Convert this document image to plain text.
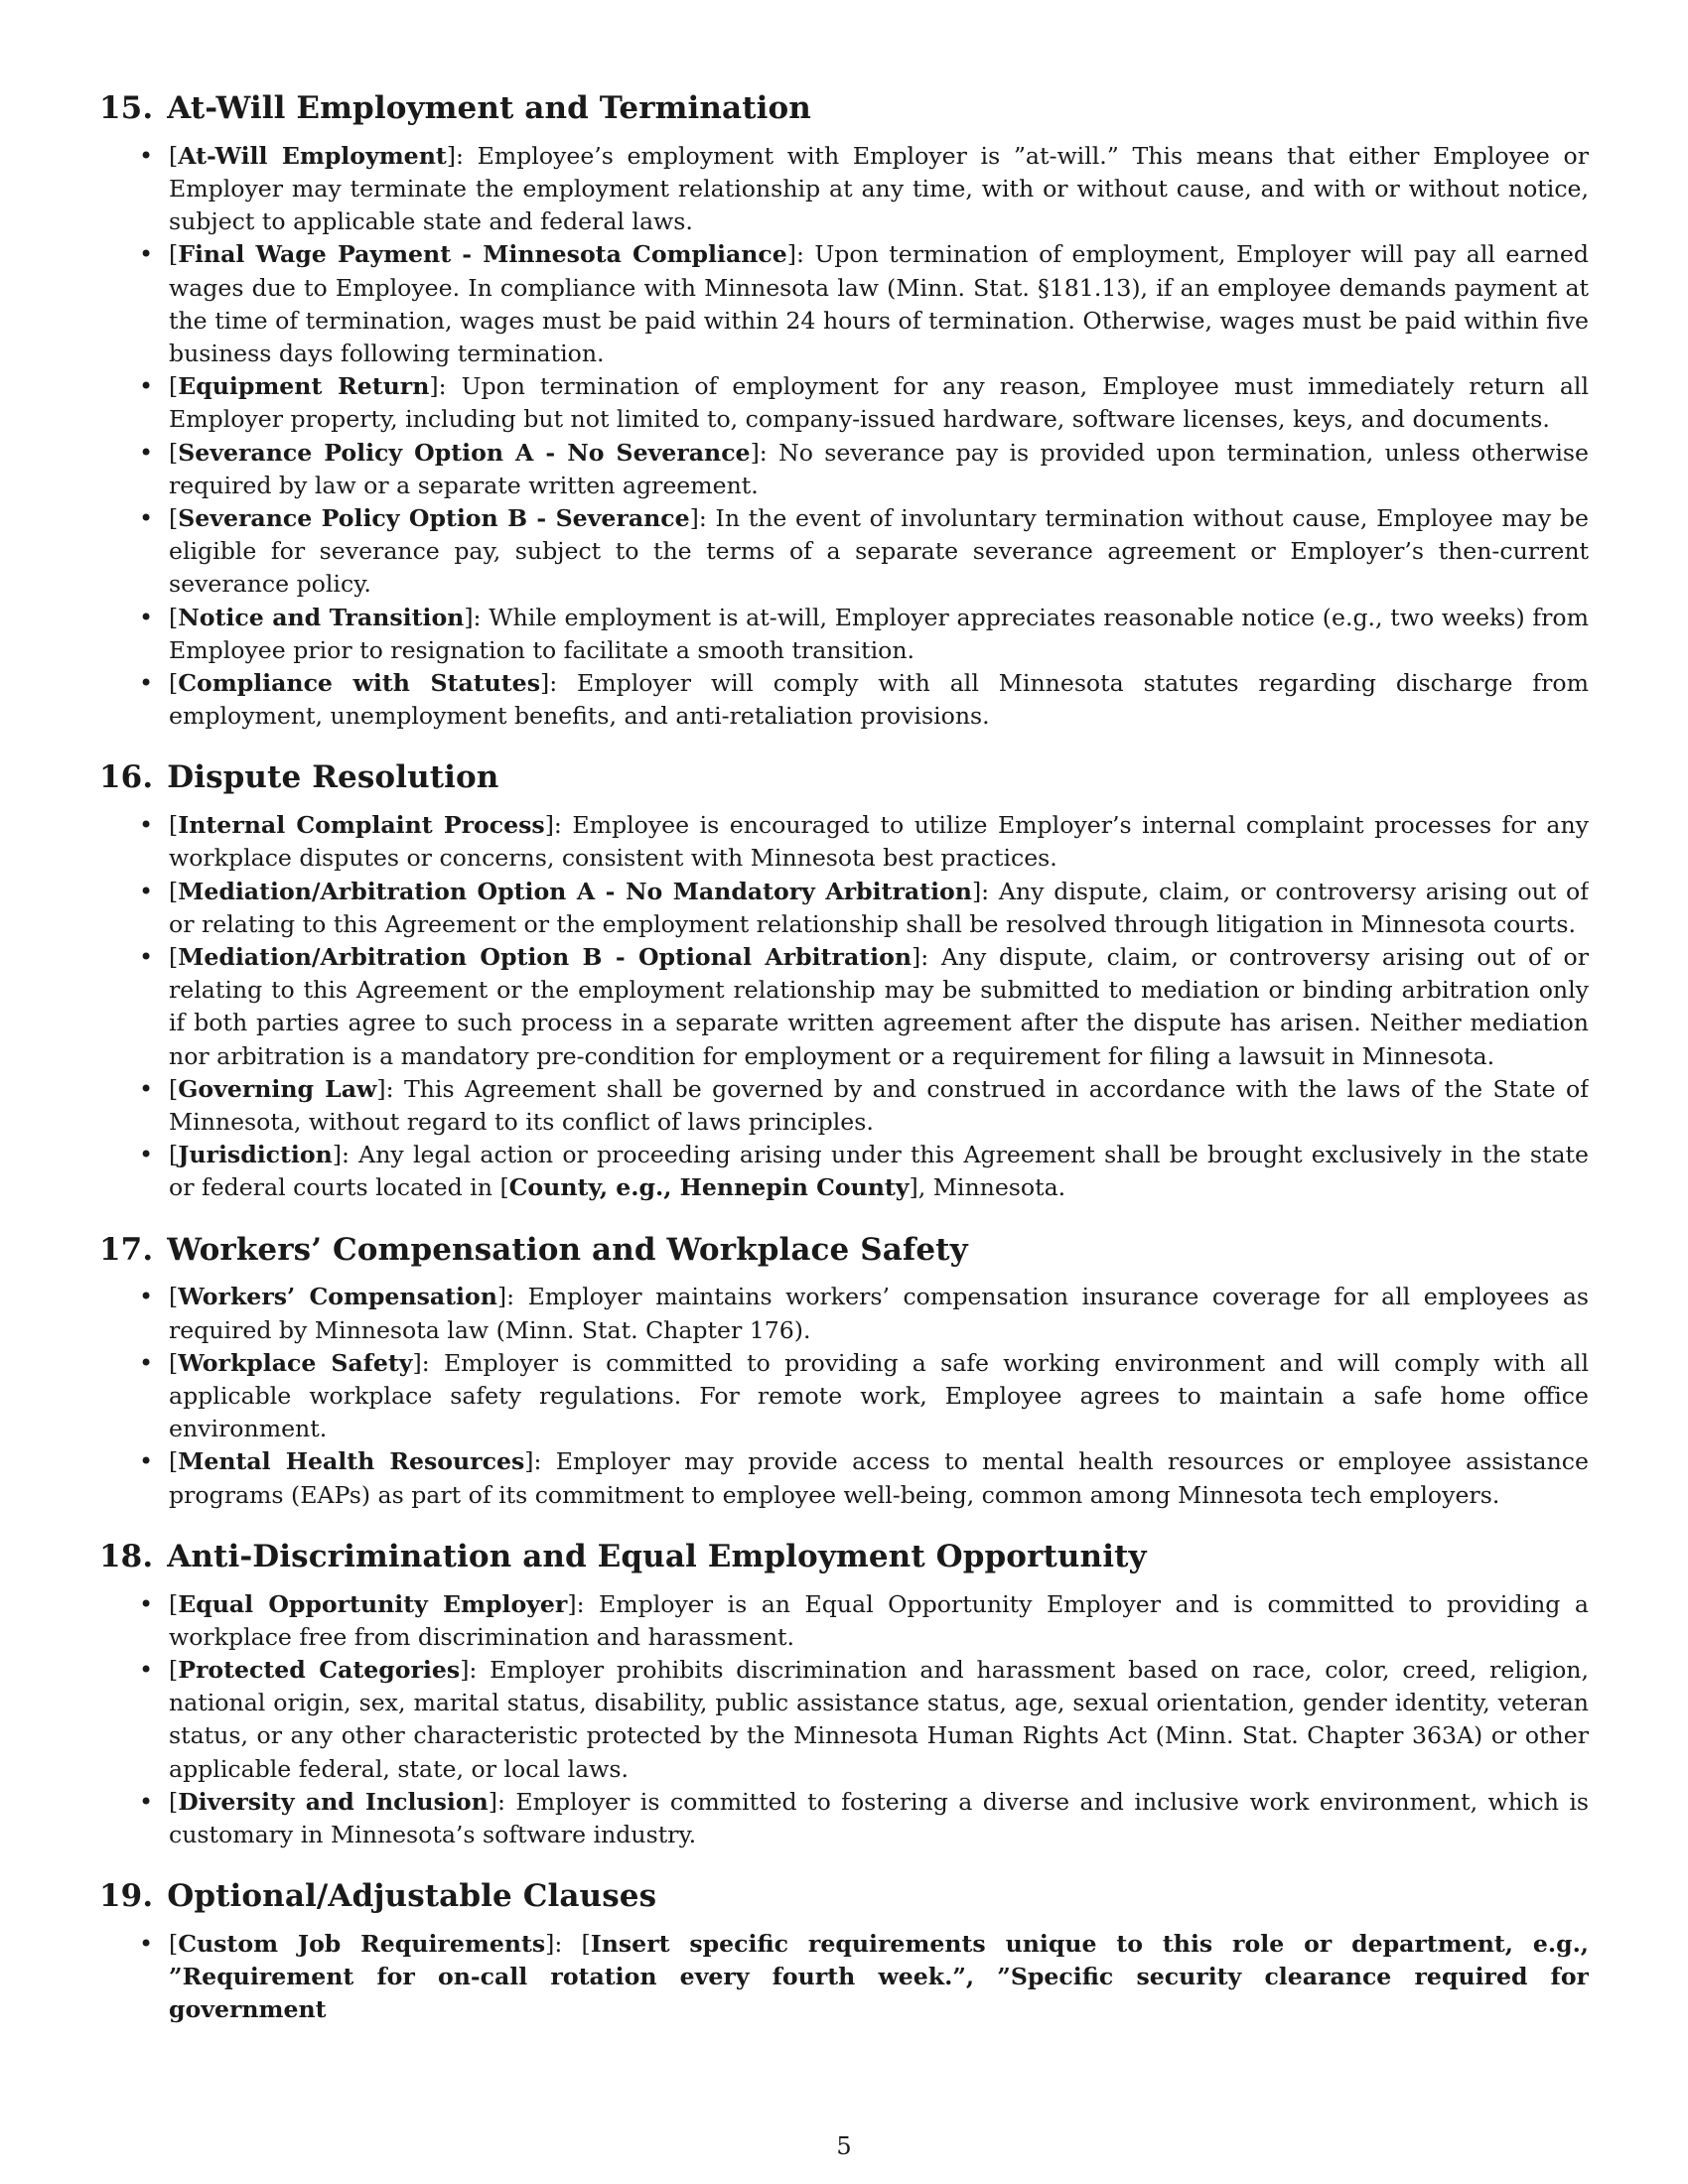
15. At-Will Employment and Termination
• [At-Will Employment]: Employee’s employment with Employer is ”at-will.” This means that either Employee or Employer may terminate the employment relationship at any time, with or without cause, and with or without notice, subject to applicable state and federal laws.
• [Final Wage Payment - Minnesota Compliance]: Upon termination of employment, Employer will pay all earned wages due to Employee. In compliance with Minnesota law (Minn. Stat. §181.13), if an employee demands payment at the time of termination, wages must be paid within 24 hours of termination. Otherwise, wages must be paid within five business days following termination.
• [Equipment Return]: Upon termination of employment for any reason, Employee must immediately return all Employer property, including but not limited to, company-issued hardware, software licenses, keys, and documents.
• [Severance Policy Option A - No Severance]: No severance pay is provided upon termination, unless otherwise required by law or a separate written agreement.
• [Severance Policy Option B - Severance]: In the event of involuntary termination without cause, Employee may be eligible for severance pay, subject to the terms of a separate severance agreement or Employer’s then-current severance policy.
• [Notice and Transition]: While employment is at-will, Employer appreciates reasonable notice (e.g., two weeks) from Employee prior to resignation to facilitate a smooth transition.
• [Compliance with Statutes]: Employer will comply with all Minnesota statutes regarding discharge from employment, unemployment benefits, and anti-retaliation provisions.
16. Dispute Resolution
• [Internal Complaint Process]: Employee is encouraged to utilize Employer’s internal complaint processes for any workplace disputes or concerns, consistent with Minnesota best practices.
• [Mediation/Arbitration Option A - No Mandatory Arbitration]: Any dispute, claim, or controversy arising out of or relating to this Agreement or the employment relationship shall be resolved through litigation in Minnesota courts.
• [Mediation/Arbitration Option B - Optional Arbitration]: Any dispute, claim, or controversy arising out of or relating to this Agreement or the employment relationship may be submitted to mediation or binding arbitration only if both parties agree to such process in a separate written agreement after the dispute has arisen. Neither mediation nor arbitration is a mandatory pre-condition for employment or a requirement for filing a lawsuit in Minnesota.
• [Governing Law]: This Agreement shall be governed by and construed in accordance with the laws of the State of Minnesota, without regard to its conflict of laws principles.
• [Jurisdiction]: Any legal action or proceeding arising under this Agreement shall be brought exclusively in the state or federal courts located in [County, e.g., Hennepin County], Minnesota.
17. Workers’ Compensation and Workplace Safety
• [Workers’ Compensation]: Employer maintains workers’ compensation insurance coverage for all employees as required by Minnesota law (Minn. Stat. Chapter 176).
• [Workplace Safety]: Employer is committed to providing a safe working environment and will comply with all applicable workplace safety regulations. For remote work, Employee agrees to maintain a safe home office environment.
• [Mental Health Resources]: Employer may provide access to mental health resources or employee assistance programs (EAPs) as part of its commitment to employee well-being, common among Minnesota tech employers.
18. Anti-Discrimination and Equal Employment Opportunity
• [Equal Opportunity Employer]: Employer is an Equal Opportunity Employer and is committed to providing a workplace free from discrimination and harassment.
• [Protected Categories]: Employer prohibits discrimination and harassment based on race, color, creed, religion, national origin, sex, marital status, disability, public assistance status, age, sexual orientation, gender identity, veteran status, or any other characteristic protected by the Minnesota Human Rights Act (Minn. Stat. Chapter 363A) or other applicable federal, state, or local laws.
• [Diversity and Inclusion]: Employer is committed to fostering a diverse and inclusive work environment, which is customary in Minnesota’s software industry.
19. Optional/Adjustable Clauses
• [Custom Job Requirements]: [Insert specific requirements unique to this role or department, e.g., ”Requirement for on-call rotation every fourth week.”, ”Specific security clearance required for government
5
